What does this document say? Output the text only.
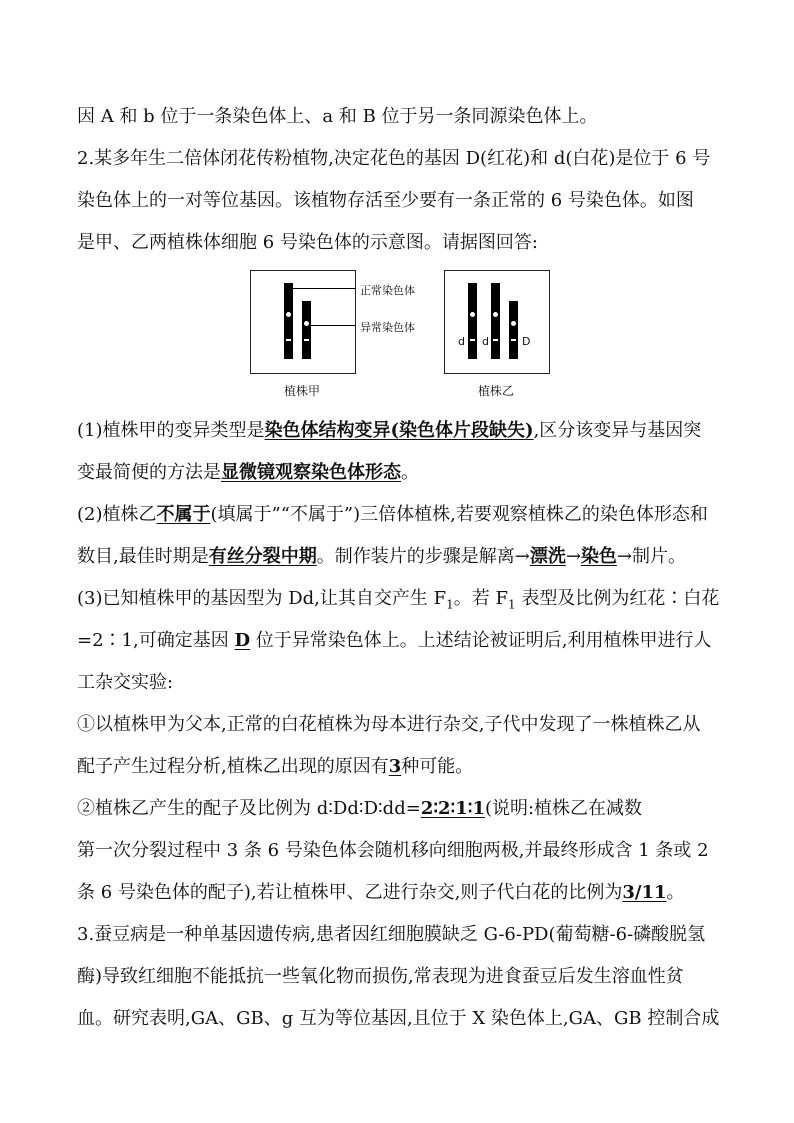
因 A 和 b 位于一条染色体上、a 和 B 位于另一条同源染色体上。
2.某多年生二倍体闭花传粉植物,决定花色的基因 D(红花)和 d(白花)是位于 6 号
染色体上的一对等位基因。该植物存活至少要有一条正常的 6 号染色体。如图
是甲、乙两植株体细胞 6 号染色体的示意图。请据图回答:
正常染色体
异常染色体
植株甲
d d	D
植株乙
(1)植株甲的变异类型是染色体结构变异(染色体片段缺失),区分该变异与基因突
变最简便的方法是显微镜观察染色体形态。
(2)植株乙不属于(填属于”“不属于”)三倍体植株,若要观察植株乙的染色体形态和
数目,最佳时期是有丝分裂中期。制作装片的步骤是解离→漂洗→染色→制片。
(3)已知植株甲的基因型为 Dd,让其自交产生 $F_1$。若 $F_1$ 表型及比例为红花∶白花
=2∶1,可确定基因 D 位于异常染色体上。上述结论被证明后,利用植株甲进行人
工杂交实验:
①以植株甲为父本,正常的白花植株为母本进行杂交,子代中发现了一株植株乙从
配子产生过程分析,植株乙出现的原因有3种可能。
②植株乙产生的配子及比例为 d∶Dd∶D∶dd=2∶2∶1∶1(说明:植株乙在减数
第一次分裂过程中 3 条 6 号染色体会随机移向细胞两极,并最终形成含 1 条或 2
条 6 号染色体的配子),若让植株甲、乙进行杂交,则子代白花的比例为3/11。
3.蚕豆病是一种单基因遗传病,患者因红细胞膜缺乏 G-6-PD(葡萄糖-6-磷酸脱氢
酶)导致红细胞不能抵抗一些氧化物而损伤,常表现为进食蚕豆后发生溶血性贫
血。研究表明,GA、GB、g 互为等位基因,且位于 X 染色体上,GA、GB 控制合成
